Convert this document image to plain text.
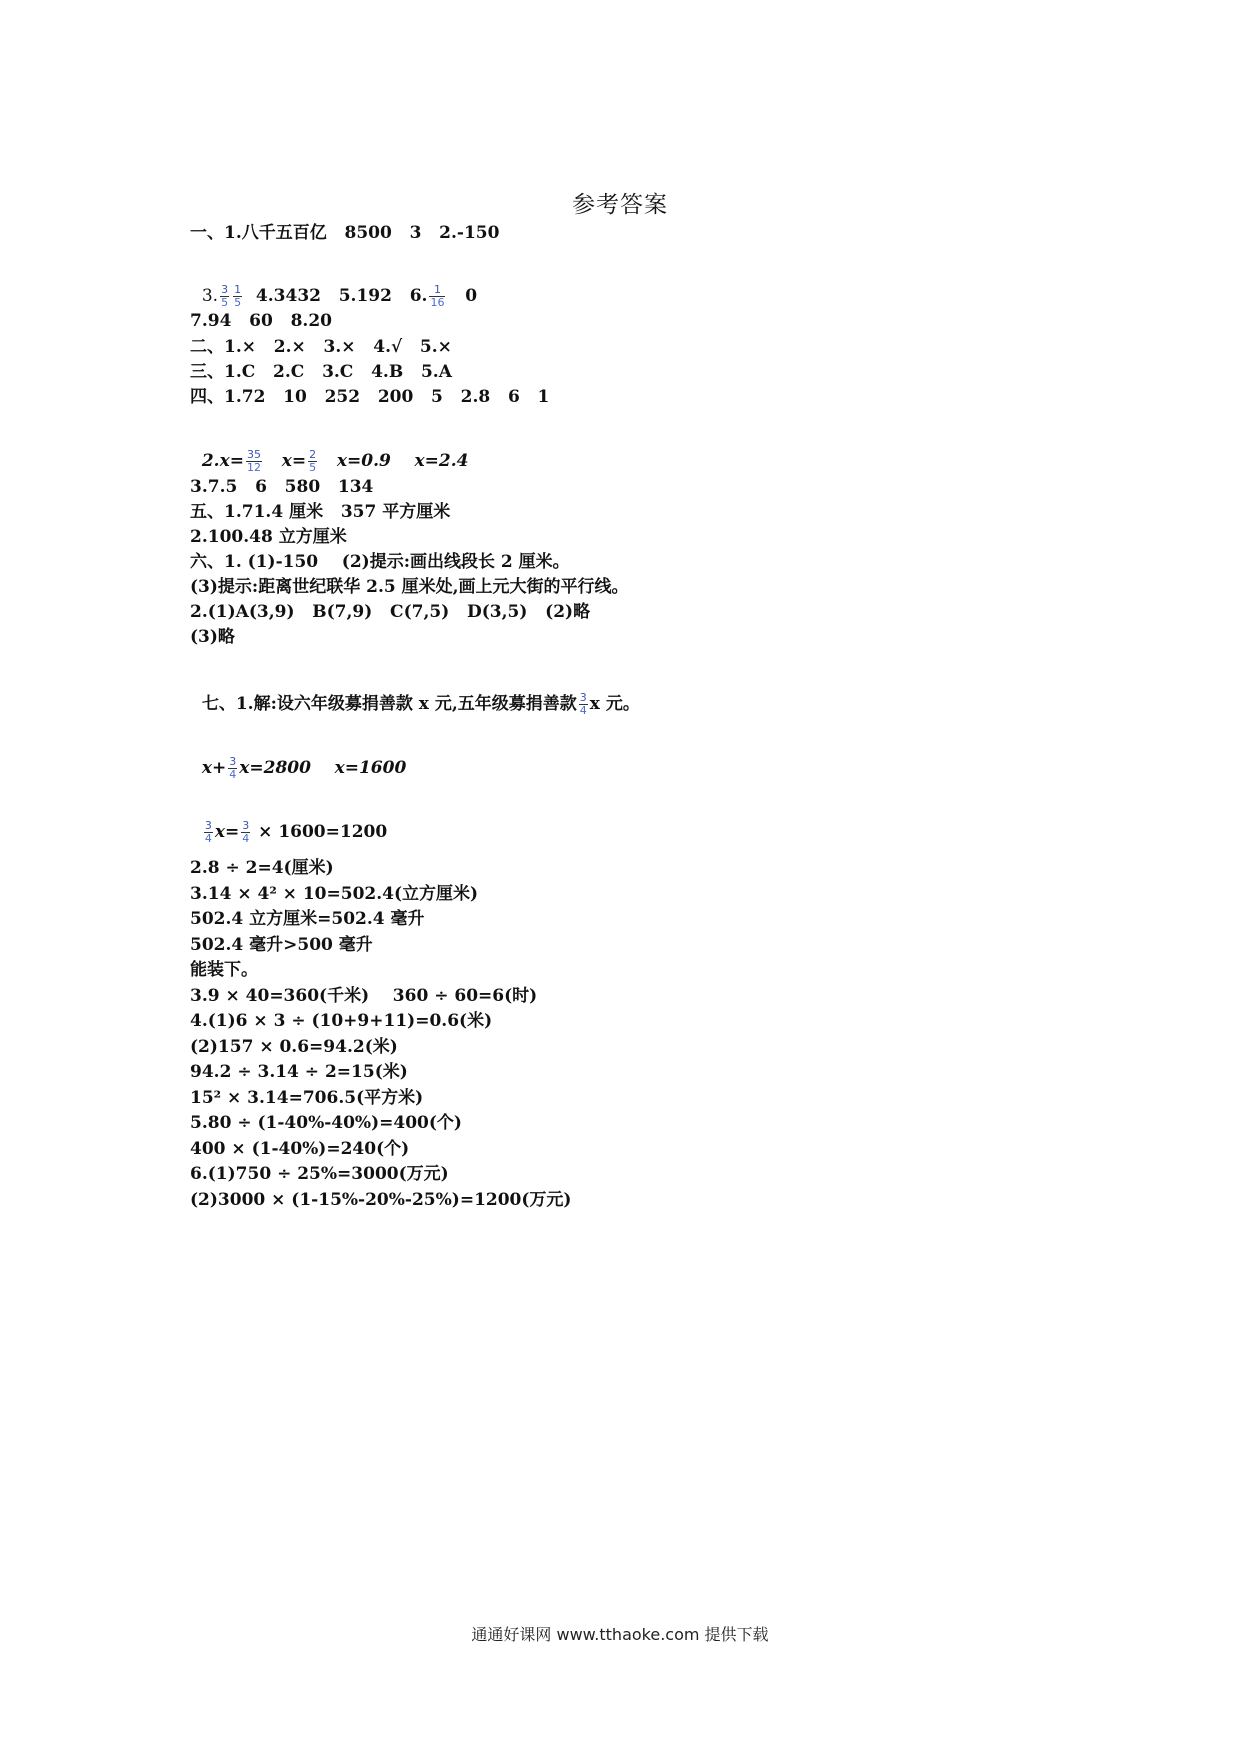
参考答案
一、1.八千五百亿   8500   3   2.-150

3. $\frac{3}{5} \frac{1}{5} 4.3432$   5.192   6. $\frac{1}{16} 0$

7.94   60   8.20
二、1.×   2.×   3.×   4.√   5.×
三、1.C   2.C   3.C   4.B   5.A
四、1.72   10   252   200   5   2.8   6   1

$2.x= \frac{35}{12} x= \frac{2}{5} x=0.9$    x=2.4

3.7.5   6   580   134
五、1.71.4 厘米   357 平方厘米
2.100.48 立方厘米
六、1. (1)-150    (2)提示:画出线段长 2 厘米。
(3)提示:距离世纪联华 2.5 厘米处,画上元大街的平行线。
2.(1)A(3,9)   B(7,9)   C(7,5)   D(3,5)   (2)略
(3)略

七、1.解:设六年级募捐善款 x 元,五年级募捐善款 $\frac{3}{4}$ x 元。

$x+ \frac{3}{4} x=2800$    x=1600

$\frac{3}{4} x= \frac{3}{4} \times 1600=1200$

2.8 ÷ 2=4(厘米)
3.14 × 4² × 10=502.4(立方厘米)
502.4 立方厘米=502.4 毫升
502.4 毫升>500 毫升
能装下。
3.9 × 40=360(千米)    360 ÷ 60=6(时)
4.(1)6 × 3 ÷ (10+9+11)=0.6(米)
(2)157 × 0.6=94.2(米)
94.2 ÷ 3.14 ÷ 2=15(米)
15² × 3.14=706.5(平方米)
5.80 ÷ (1-40%-40%)=400(个)
400 × (1-40%)=240(个)
6.(1)750 ÷ 25%=3000(万元)
(2)3000 × (1-15%-20%-25%)=1200(万元)
通通好课网 www.tthaoke.com 提供下载
